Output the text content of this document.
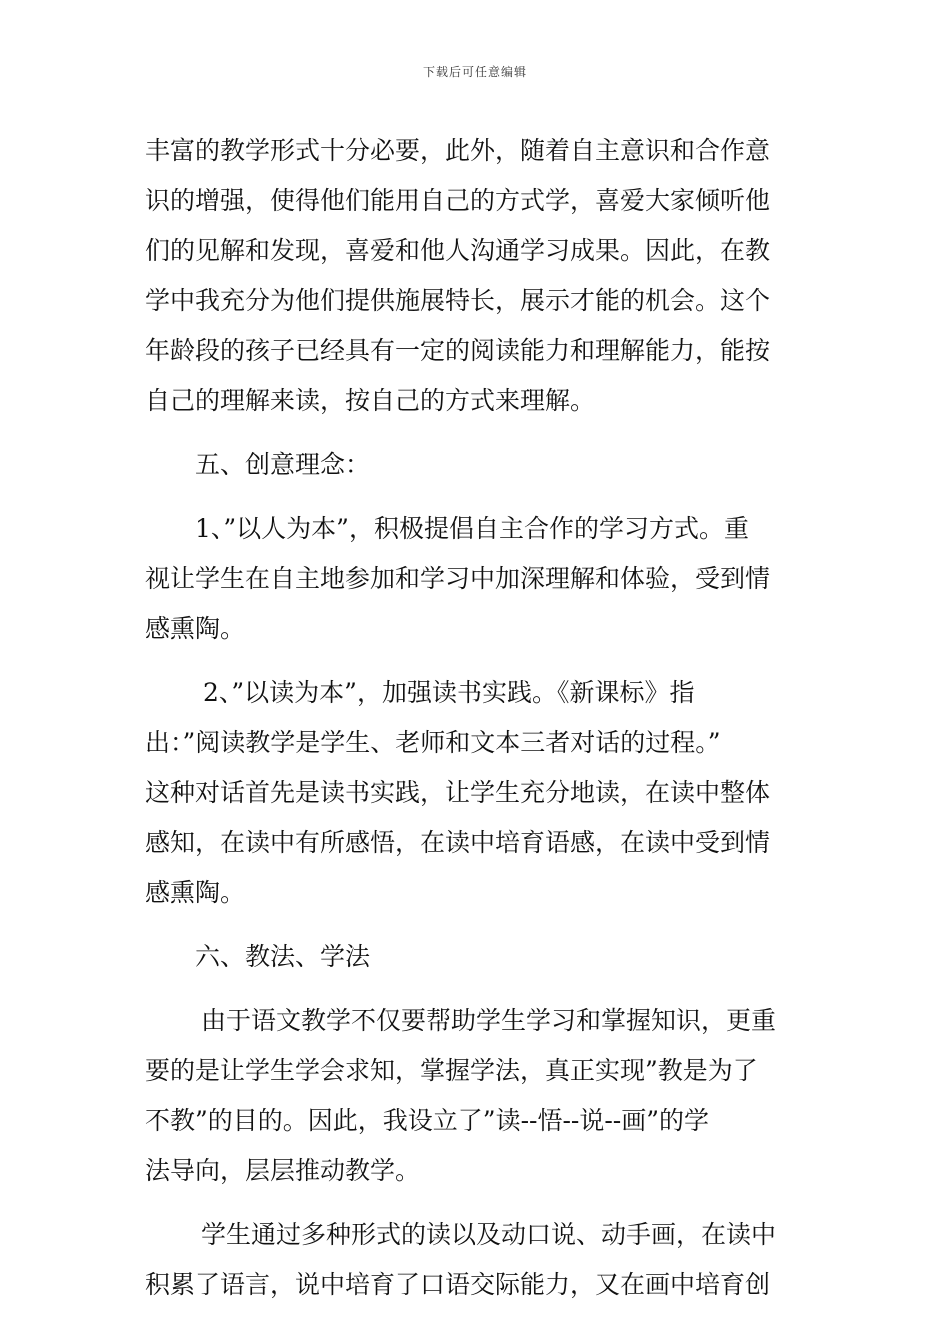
下载后可任意编辑
丰富的教学形式十分必要，此外，随着自主意识和合作意
识的增强，使得他们能用自己的方式学，喜爱大家倾听他
们的见解和发现，喜爱和他人沟通学习成果。因此，在教
学中我充分为他们提供施展特长，展示才能的机会。这个
年龄段的孩子已经具有一定的阅读能力和理解能力，能按
自己的理解来读，按自己的方式来理解。
五、创意理念：
1、”以人为本”，积极提倡自主合作的学习方式。重
视让学生在自主地参加和学习中加深理解和体验，受到情
感熏陶。
2、”以读为本”，加强读书实践。《新课标》指
出：”阅读教学是学生、老师和文本三者对话的过程。”
这种对话首先是读书实践，让学生充分地读，在读中整体
感知，在读中有所感悟，在读中培育语感，在读中受到情
感熏陶。
六、教法、学法
由于语文教学不仅要帮助学生学习和掌握知识，更重
要的是让学生学会求知，掌握学法，真正实现”教是为了
不教”的目的。因此，我设立了”读--悟--说--画”的学
法导向，层层推动教学。
学生通过多种形式的读以及动口说、动手画，在读中
积累了语言，说中培育了口语交际能力，又在画中培育创
